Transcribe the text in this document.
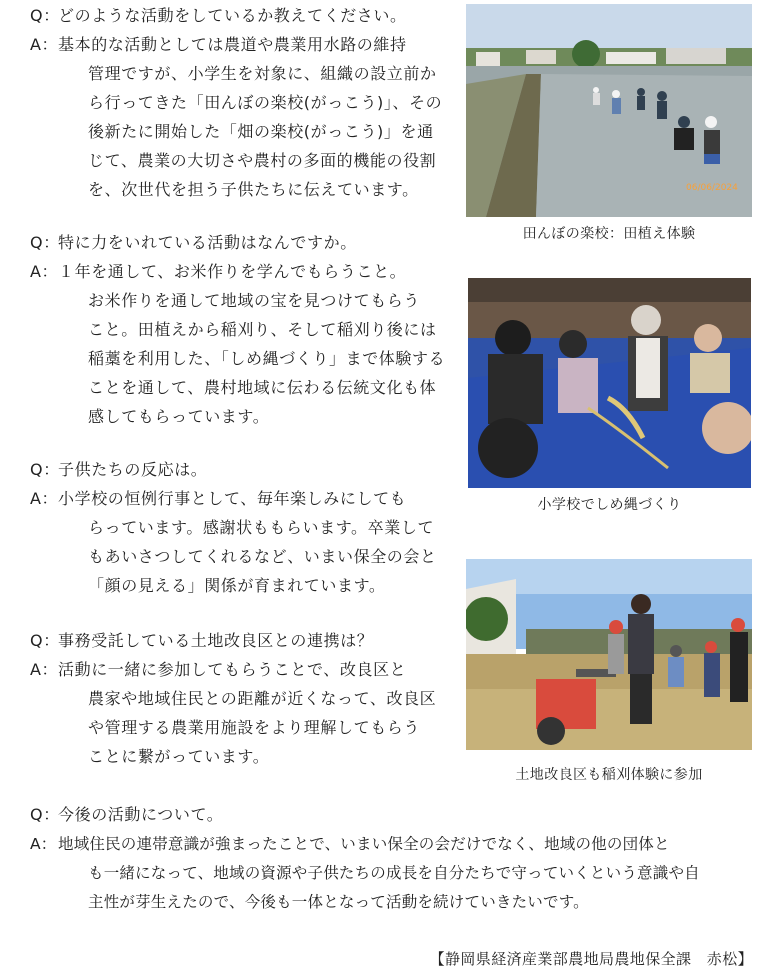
Q：
どのような活動をしているか教えてください。
A： 基本的な活動としては農道や農業用水路の維持
管理ですが、小学生を対象に、組織の設立前か
ら行ってきた「田んぼの楽校(がっこう)」、その
後新たに開始した「畑の楽校(がっこう)」を通
じて、農業の大切さや農村の多面的機能の役割
を、次世代を担う子供たちに伝えています。
Q：
特に力をいれている活動はなんですか。
A： １年を通して、お米作りを学んでもらうこと。
お米作りを通して地域の宝を見つけてもらう
こと。田植えから稲刈り、そして稲刈り後には
稲藁を利用した、「しめ縄づくり」まで体験する
ことを通して、農村地域に伝わる伝統文化も体
感してもらっています。
Q：
子供たちの反応は。
A： 小学校の恒例行事として、毎年楽しみにしても
らっています。感謝状ももらいます。卒業して
もあいさつしてくれるなど、いまい保全の会と
「顔の見える」関係が育まれています。
Q：
事務受託している土地改良区との連携は？
A： 活動に一緒に参加してもらうことで、改良区と
農家や地域住民との距離が近くなって、改良区
や管理する農業用施設をより理解してもらう
ことに繋がっています。
Q：
今後の活動について。
A： 地域住民の連帯意識が強まったことで、いまい保全の会だけでなく、地域の他の団体と
も一緒になって、地域の資源や子供たちの成長を自分たちで守っていくという意識や自
主性が芽生えたので、今後も一体となって活動を続けていきたいです。
06/06/2024
田んぼの楽校：田植え体験
小学校でしめ縄づくり
土地改良区も稲刈体験に参加
【静岡県経済産業部農地局農地保全課　赤松】
